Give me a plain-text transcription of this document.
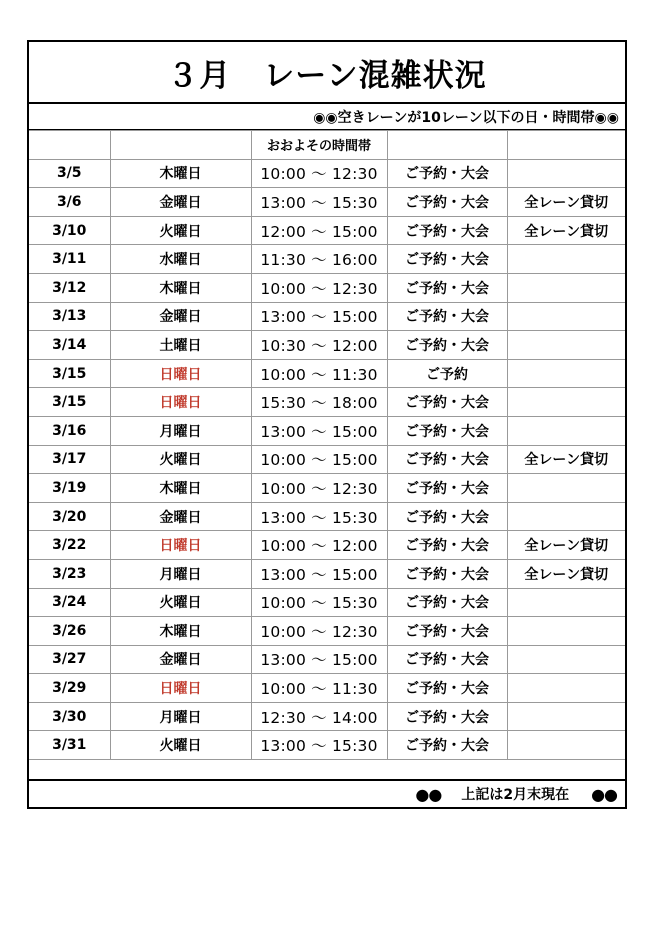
３月　レーン混雑状況
◉◉空きレーンが10レーン以下の日・時間帯◉◉
		おおよその時間帯		
3/5	木曜日	10:00 〜 12:30	ご予約・大会	
3/6	金曜日	13:00 〜 15:30	ご予約・大会	全レーン貸切
3/10	火曜日	12:00 〜 15:00	ご予約・大会	全レーン貸切
3/11	水曜日	11:30 〜 16:00	ご予約・大会	
3/12	木曜日	10:00 〜 12:30	ご予約・大会	
3/13	金曜日	13:00 〜 15:00	ご予約・大会	
3/14	土曜日	10:30 〜 12:00	ご予約・大会	
3/15	日曜日	10:00 〜 11:30	ご予約	
3/15	日曜日	15:30 〜 18:00	ご予約・大会	
3/16	月曜日	13:00 〜 15:00	ご予約・大会	
3/17	火曜日	10:00 〜 15:00	ご予約・大会	全レーン貸切
3/19	木曜日	10:00 〜 12:30	ご予約・大会	
3/20	金曜日	13:00 〜 15:30	ご予約・大会	
3/22	日曜日	10:00 〜 12:00	ご予約・大会	全レーン貸切
3/23	月曜日	13:00 〜 15:00	ご予約・大会	全レーン貸切
3/24	火曜日	10:00 〜 15:30	ご予約・大会	
3/26	木曜日	10:00 〜 12:30	ご予約・大会	
3/27	金曜日	13:00 〜 15:00	ご予約・大会	
3/29	日曜日	10:00 〜 11:30	ご予約・大会	
3/30	月曜日	12:30 〜 14:00	ご予約・大会	
3/31	火曜日	13:00 〜 15:30	ご予約・大会	
●● 上記は2月末現在 ●●
